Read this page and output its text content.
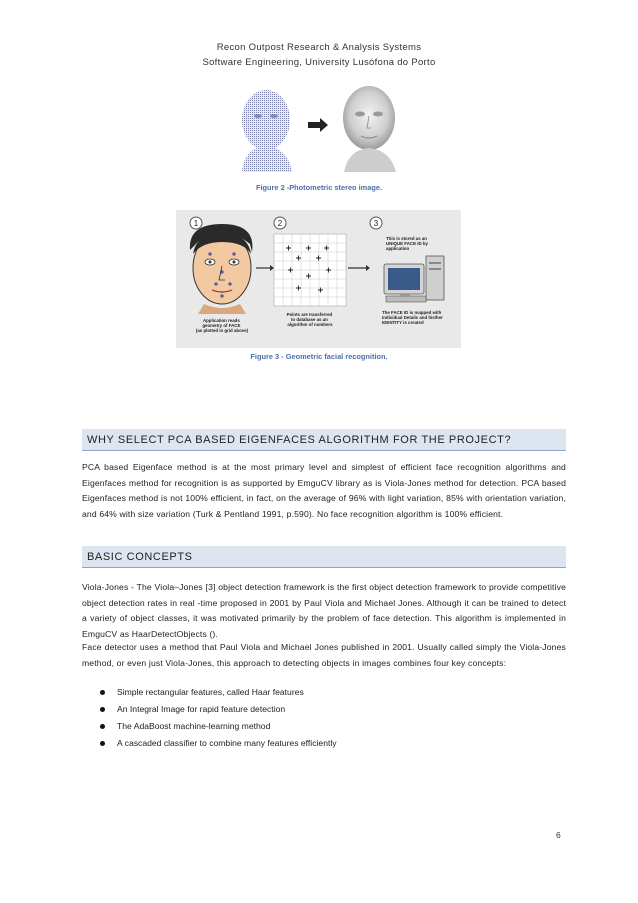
Recon Outpost Research & Analysis Systems
Software Engineering, University Lusófona do Porto
Figure 2 -Photometric stereo image.
1	2	3
Application reads geometry of FACE (as plotted in grid above)
Points are transferred to database as an algorithm of numbers
This is stored as an UNIQUE FACE ID by application
The FACE ID is mapped with Individual Details and his/her IDENTITY is created
Figure 3 - Geometric facial recognition.
WHY SELECT PCA BASED EIGENFACES ALGORITHM FOR THE PROJECT?
PCA based Eigenface method is at the most primary level and simplest of efficient face recognition algorithms and Eigenfaces method for recognition is as supported by EmguCV library as is Viola-Jones method for detection. PCA based Eigenfaces method is not 100% efficient, in fact, on the average of 96% with light variation, 85% with orientation variation, and 64% with size variation (Turk & Pentland 1991, p.590). No face recognition algorithm is 100% efficient.
BASIC CONCEPTS
Viola-Jones - The Viola–Jones [3] object detection framework is the first object detection framework to provide competitive object detection rates in real -time proposed in 2001 by Paul Viola and Michael Jones. Although it can be trained to detect a variety of object classes, it was motivated primarily by the problem of face detection. This algorithm is implemented in EmguCV as HaarDetectObjects ().
Face detector uses a method that Paul Viola and Michael Jones published in 2001. Usually called simply the Viola-Jones method, or even just Viola-Jones, this approach to detecting objects in images combines four key concepts:
Simple rectangular features, called Haar features
An Integral Image for rapid feature detection
The AdaBoost machine-learning method
A cascaded classifier to combine many features efficiently
6
